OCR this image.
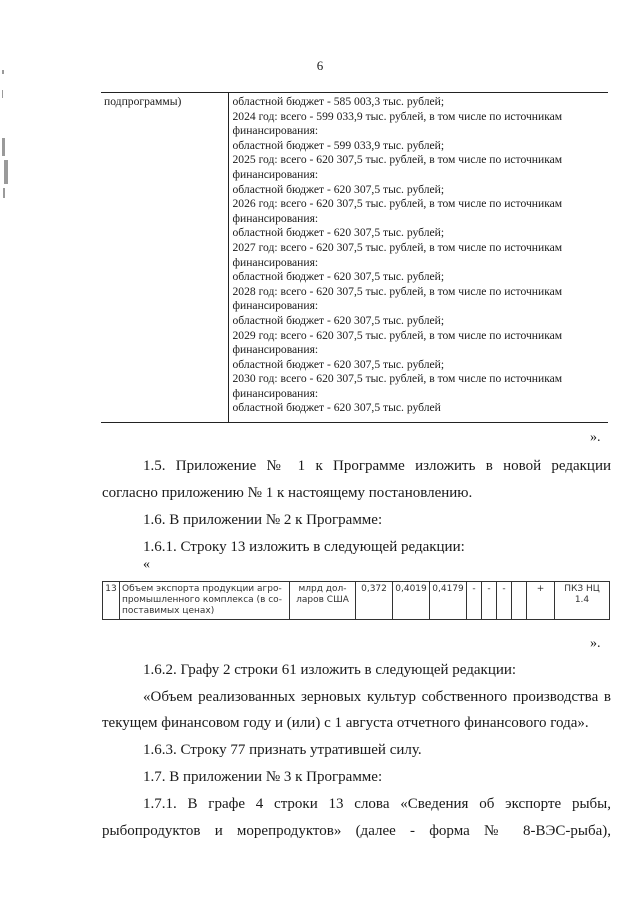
6
подпрограммы)	областной бюджет - 585 003,3 тыс. рублей;
2024 год: всего - 599 033,9 тыс. рублей, в том числе по источникам
финансирования:
областной бюджет - 599 033,9 тыс. рублей;
2025 год: всего - 620 307,5 тыс. рублей, в том числе по источникам
финансирования:
областной бюджет - 620 307,5 тыс. рублей;
2026 год: всего - 620 307,5 тыс. рублей, в том числе по источникам
финансирования:
областной бюджет - 620 307,5 тыс. рублей;
2027 год: всего - 620 307,5 тыс. рублей, в том числе по источникам
финансирования:
областной бюджет - 620 307,5 тыс. рублей;
2028 год: всего - 620 307,5 тыс. рублей, в том числе по источникам
финансирования:
областной бюджет - 620 307,5 тыс. рублей;
2029 год: всего - 620 307,5 тыс. рублей, в том числе по источникам
финансирования:
областной бюджет - 620 307,5 тыс. рублей;
2030 год: всего - 620 307,5 тыс. рублей, в том числе по источникам
финансирования:
областной бюджет - 620 307,5 тыс. рублей
».
1.5. Приложение № 1 к Программе изложить в новой редакции
согласно приложению № 1 к настоящему постановлению.
1.6. В приложении № 2 к Программе:
1.6.1. Строку 13 изложить в следующей редакции:
«
13	Объем экспорта продукции агро-промышленного комплекса (в со-поставимых ценах)	млрд дол-ларов США	0,372	0,4019	0,4179	-	-	-		+	ПКЗ НЦ 1.4
».
1.6.2. Графу 2 строки 61 изложить в следующей редакции:
«Объем реализованных зерновых культур собственного производства в
текущем финансовом году и (или) с 1 августа отчетного финансового года».
1.6.3. Строку 77 признать утратившей силу.
1.7. В приложении № 3 к Программе:
1.7.1. В графе 4 строки 13 слова «Сведения об экспорте рыбы,
рыбопродуктов и морепродуктов» (далее - форма № 8-ВЭС-рыба),
